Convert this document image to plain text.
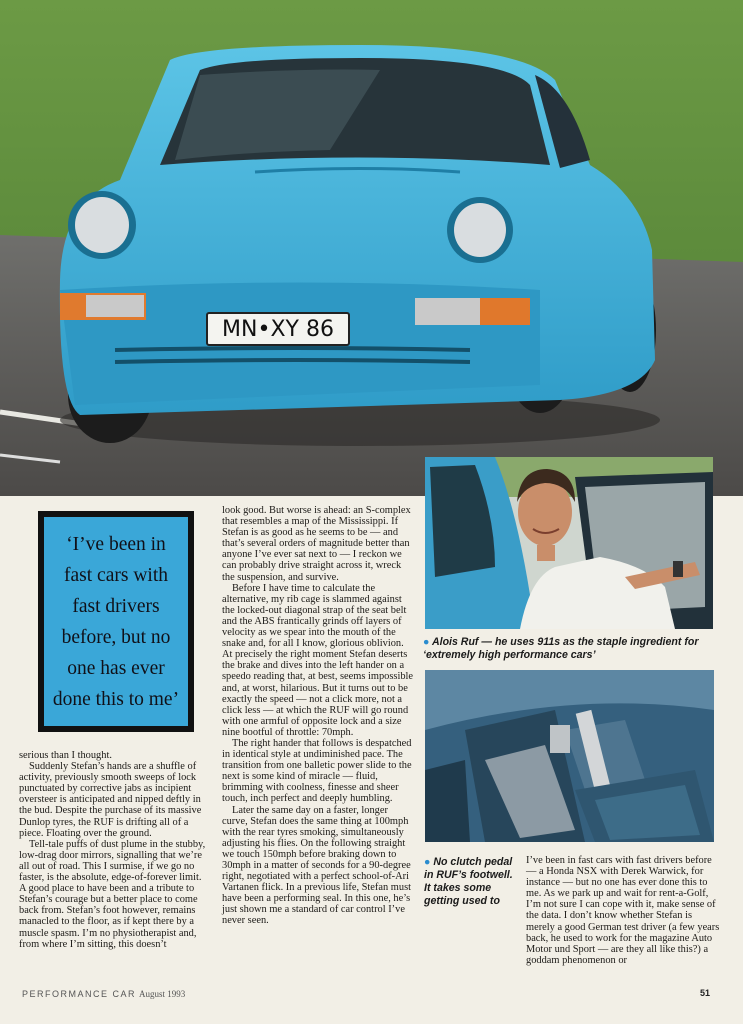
MN•XY 86
‘I’ve been in fast cars with fast drivers before, but no one has ever done this to me’

serious than I thought.

Suddenly Stefan’s hands are a shuffle of activity, previously smooth sweeps of lock punctuated by corrective jabs as incipient oversteer is anticipated and nipped deftly in the bud. Despite the purchase of its massive Dunlop tyres, the RUF is drifting all of a piece. Floating over the ground.

Tell-tale puffs of dust plume in the stubby, low-drag door mirrors, signalling that we’re all out of road. This I surmise, if we go no faster, is the absolute, edge-of-forever limit. A good place to have been and a tribute to Stefan’s courage but a better place to come back from. Stefan’s foot however, remains manacled to the floor, as if kept there by a muscle spasm. I’m no physiotherapist and, from where I’m sitting, this doesn’t

look good. But worse is ahead: an S-complex that resembles a map of the Mississippi. If Stefan is as good as he seems to be — and that’s several orders of magnitude better than anyone I’ve ever sat next to — I reckon we can probably drive straight across it, wreck the suspension, and survive.

Before I have time to calculate the alternative, my rib cage is slammed against the locked-out diagonal strap of the seat belt and the ABS frantically grinds off layers of velocity as we spear into the mouth of the snake and, for all I know, glorious oblivion. At precisely the right moment Stefan deserts the brake and dives into the left hander on a speedo reading that, at best, seems impossible and, at worst, hilarious. But it turns out to be exactly the speed — not a click more, not a click less — at which the RUF will go round with one armful of opposite lock and a size nine bootful of throttle: 70mph.

The right hander that follows is despatched in identical style at undiminished pace. The transition from one balletic power slide to the next is some kind of miracle — fluid, brimming with coolness, finesse and sheer touch, inch perfect and deeply humbling.

Later the same day on a faster, longer curve, Stefan does the same thing at 100mph with the rear tyres smoking, simultaneously adjusting his flies. On the following straight we touch 150mph before braking down to 30mph in a matter of seconds for a 90-degree right, negotiated with a perfect school-of-Ari Vartanen flick. In a previous life, Stefan must have been a performing seal. In this one, he’s just shown me a standard of car control I’ve never seen.

● Alois Ruf — he uses 911s as the staple ingredient for ‘extremely high performance cars’
● No clutch pedal in RUF’s footwell. It takes some getting used to

I’ve been in fast cars with fast drivers before — a Honda NSX with Derek Warwick, for instance — but no one has ever done this to me. As we park up and wait for rent-a-Golf, I’m not sure I can cope with it, make sense of the data. I don’t know whether Stefan is merely a good German test driver (a few years back, he used to work for the magazine Auto Motor und Sport — are they all like this?) a goddam phenomenon or

PERFORMANCE CAR August 1993	51
